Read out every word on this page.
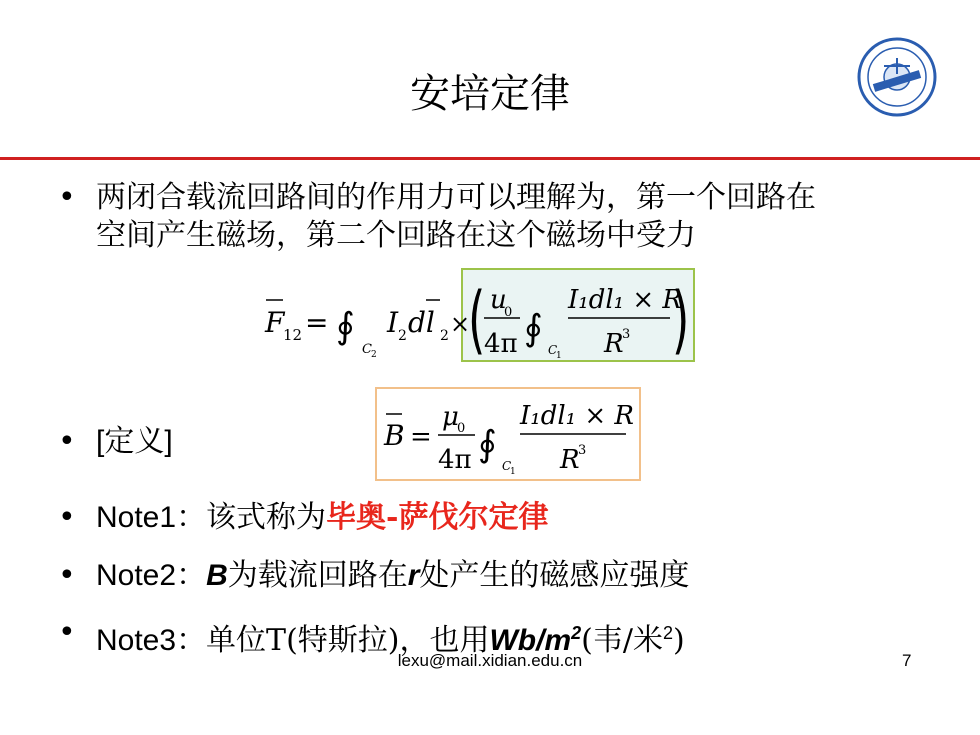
安培定律
• 两闭合载流回路间的作用力可以理解为，第一个回路在
空间产生磁场，第二个回路在这个磁场中受力
F
12 = ∮
C 2
I 2 dl 2 ×
( u
0
4π ∮
C
1
I₁dl₁ × R
R
3 )
• [定义]	B =
μ
0
4π ∮
C
1
I₁dl₁ × R
R
3
• Note1：该式称为毕奥-萨伐尔定律
• Note2：B为载流回路在r处产生的磁感应强度
• Note3：单位T(特斯拉)，也用$Wb/m^2$(韦/米$^2$)
lexu@mail.xidian.edu.cn	7
